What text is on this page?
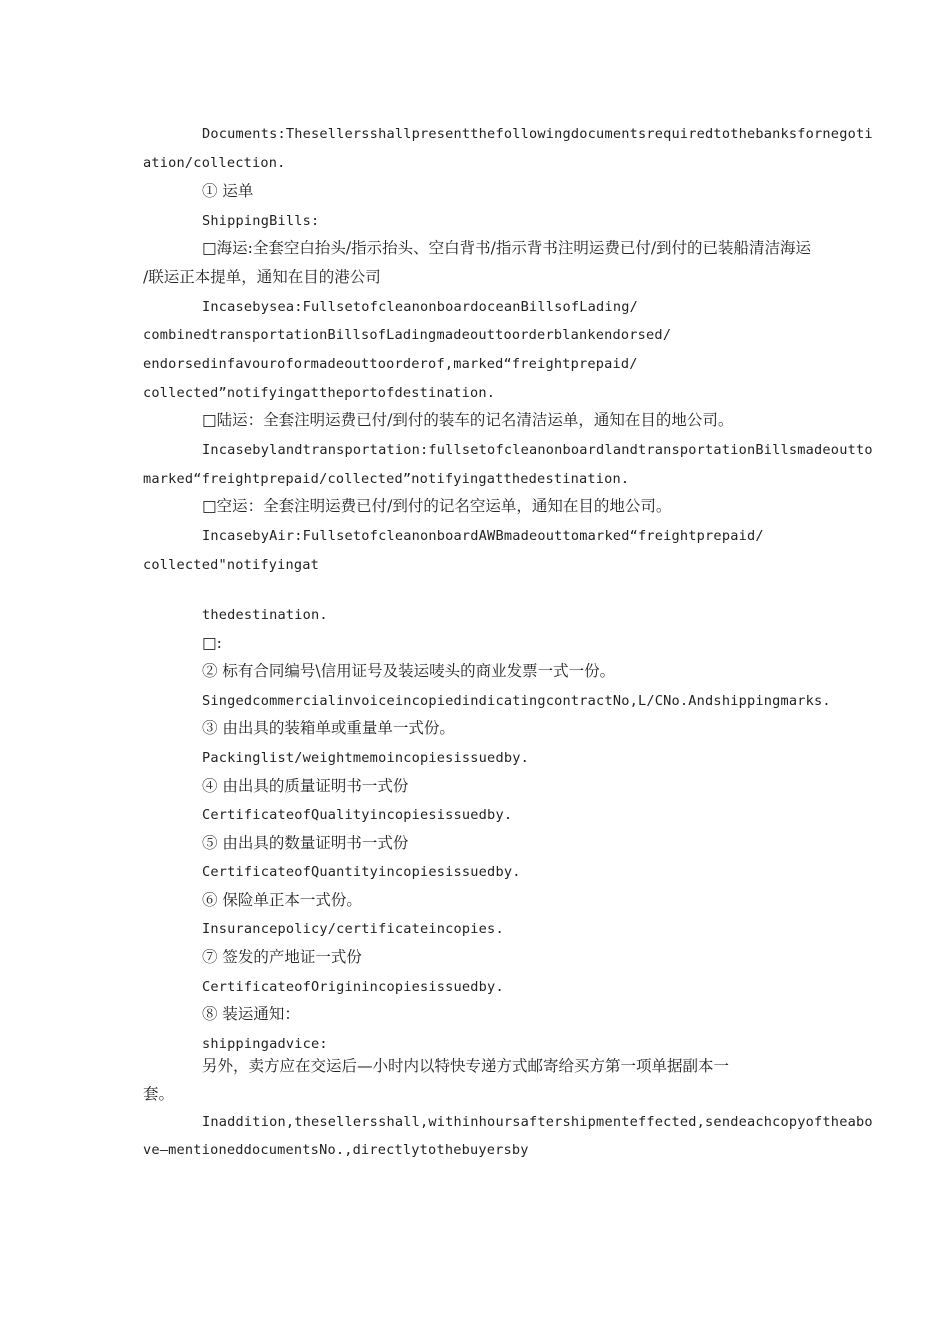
Documents:Thesellersshallpresentthefollowingdocumentsrequiredtothebanksfornegoti
ation/collection.
① 运单
ShippingBills:
□海运:全套空白抬头/指示抬头、空白背书/指示背书注明运费已付/到付的已装船清洁海运
/联运正本提单，通知在目的港公司
Incasebysea:FullsetofcleanonboardoceanBillsofLading/
combinedtransportationBillsofLadingmadeouttoorderblankendorsed/
endorsedinfavouroformadeouttoorderof,marked“freightprepaid/
collected”notifyingattheportofdestination.
□陆运：全套注明运费已付/到付的装车的记名清洁运单，通知在目的地公司。
Incasebylandtransportation:fullsetofcleanonboardlandtransportationBillsmadeoutto
marked“freightprepaid/collected”notifyingatthedestination.
□空运：全套注明运费已付/到付的记名空运单，通知在目的地公司。
IncasebyAir:FullsetofcleanonboardAWBmadeouttomarked“freightprepaid/
collected"notifyingat
thedestination.
□:
② 标有合同编号\信用证号及装运唛头的商业发票一式一份。
SingedcommercialinvoiceincopiedindicatingcontractNo,L/CNo.Andshippingmarks.
③ 由出具的装箱单或重量单一式份。
Packinglist/weightmemoincopiesissuedby.
④ 由出具的质量证明书一式份
CertificateofQualityincopiesissuedby.
⑤ 由出具的数量证明书一式份
CertificateofQuantityincopiesissuedby.
⑥ 保险单正本一式份。
Insurancepolicy/certificateincopies.
⑦ 签发的产地证一式份
CertificateofOriginincopiesissuedby.
⑧ 装运通知：
shippingadvice:
另外，卖方应在交运后—小时内以特快专递方式邮寄给买方第一项单据副本一
套。
Inaddition,thesellersshall,withinhoursaftershipmenteffected,sendeachcopyoftheabo
ve—mentioneddocumentsNo.,directlytothebuyersby
